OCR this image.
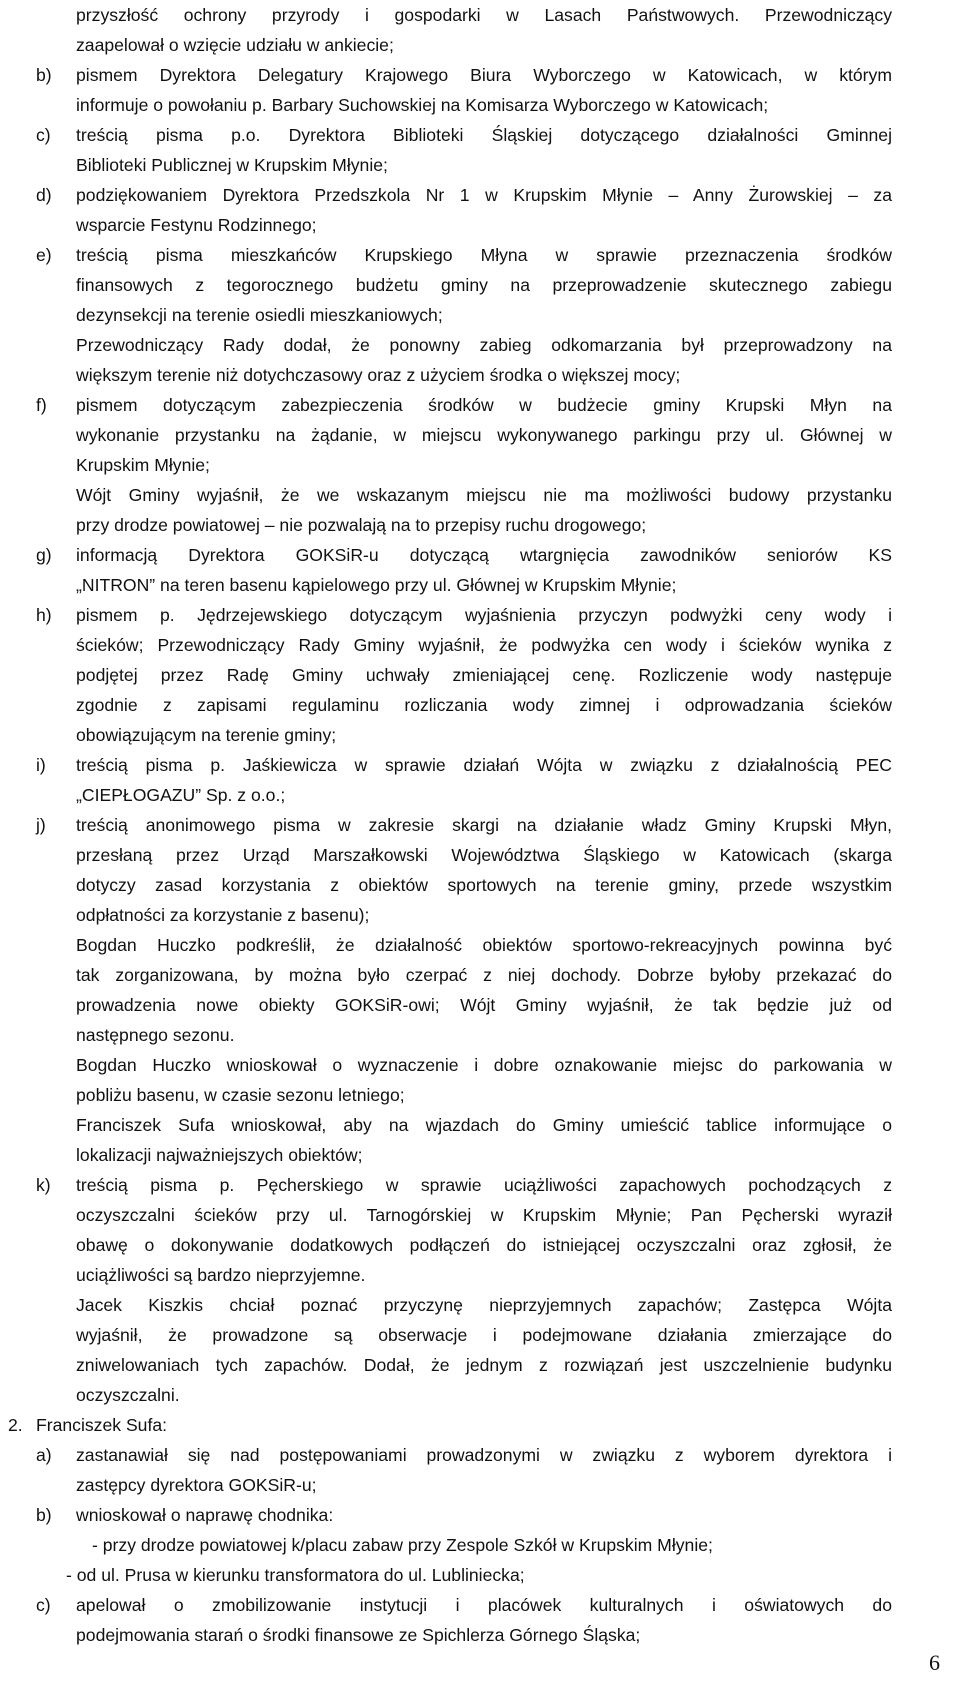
przyszłość ochrony przyrody i gospodarki w Lasach Państwowych. Przewodniczący
zaapelował o wzięcie udziału w ankiecie;
b) pismem Dyrektora Delegatury Krajowego Biura Wyborczego w Katowicach, w którym
informuje o powołaniu p. Barbary Suchowskiej na Komisarza Wyborczego w Katowicach;
c) treścią pisma p.o. Dyrektora Biblioteki Śląskiej dotyczącego działalności Gminnej
Biblioteki Publicznej w Krupskim Młynie;
d) podziękowaniem Dyrektora Przedszkola Nr 1 w Krupskim Młynie – Anny Żurowskiej – za
wsparcie Festynu Rodzinnego;
e) treścią pisma mieszkańców Krupskiego Młyna w sprawie przeznaczenia środków
finansowych z tegorocznego budżetu gminy na przeprowadzenie skutecznego zabiegu
dezynsekcji na terenie osiedli mieszkaniowych;
Przewodniczący Rady dodał, że ponowny zabieg odkomarzania był przeprowadzony na
większym terenie niż dotychczasowy oraz z użyciem środka o większej mocy;
f) pismem dotyczącym zabezpieczenia środków w budżecie gminy Krupski Młyn na
wykonanie przystanku na żądanie, w miejscu wykonywanego parkingu przy ul. Głównej w
Krupskim Młynie;
Wójt Gminy wyjaśnił, że we wskazanym miejscu nie ma możliwości budowy przystanku
przy drodze powiatowej – nie pozwalają na to przepisy ruchu drogowego;
g) informacją Dyrektora GOKSiR-u dotyczącą wtargnięcia zawodników seniorów KS
„NITRON” na teren basenu kąpielowego przy ul. Głównej w Krupskim Młynie;
h) pismem p. Jędrzejewskiego dotyczącym wyjaśnienia przyczyn podwyżki ceny wody i
ścieków; Przewodniczący Rady Gminy wyjaśnił, że podwyżka cen wody i ścieków wynika z
podjętej przez Radę Gminy uchwały zmieniającej cenę. Rozliczenie wody następuje
zgodnie z zapisami regulaminu rozliczania wody zimnej i odprowadzania ścieków
obowiązującym na terenie gminy;
i) treścią pisma p. Jaśkiewicza w sprawie działań Wójta w związku z działalnością PEC
„CIEPŁOGAZU” Sp. z o.o.;
j) treścią anonimowego pisma w zakresie skargi na działanie władz Gminy Krupski Młyn,
przesłaną przez Urząd Marszałkowski Województwa Śląskiego w Katowicach (skarga
dotyczy zasad korzystania z obiektów sportowych na terenie gminy, przede wszystkim
odpłatności za korzystanie z basenu);
Bogdan Huczko podkreślił, że działalność obiektów sportowo-rekreacyjnych powinna być
tak zorganizowana, by można było czerpać z niej dochody. Dobrze byłoby przekazać do
prowadzenia nowe obiekty GOKSiR-owi; Wójt Gminy wyjaśnił, że tak będzie już od
następnego sezonu.
Bogdan Huczko wnioskował o wyznaczenie i dobre oznakowanie miejsc do parkowania w
pobliżu basenu, w czasie sezonu letniego;
Franciszek Sufa wnioskował, aby na wjazdach do Gminy umieścić tablice informujące o
lokalizacji najważniejszych obiektów;
k) treścią pisma p. Pęcherskiego w sprawie uciążliwości zapachowych pochodzących z
oczyszczalni ścieków przy ul. Tarnogórskiej w Krupskim Młynie; Pan Pęcherski wyraził
obawę o dokonywanie dodatkowych podłączeń do istniejącej oczyszczalni oraz zgłosił, że
uciążliwości są bardzo nieprzyjemne.
Jacek Kiszkis chciał poznać przyczynę nieprzyjemnych zapachów; Zastępca Wójta
wyjaśnił, że prowadzone są obserwacje i podejmowane działania zmierzające do
zniwelowaniach tych zapachów. Dodał, że jednym z rozwiązań jest uszczelnienie budynku
oczyszczalni.
2. Franciszek Sufa:
a) zastanawiał się nad postępowaniami prowadzonymi w związku z wyborem dyrektora i
zastępcy dyrektora GOKSiR-u;
b) wnioskował o naprawę chodnika:
- przy drodze powiatowej k/placu zabaw przy Zespole Szkół w Krupskim Młynie;
- od ul. Prusa w kierunku transformatora do ul. Lubliniecka;
c) apelował o zmobilizowanie instytucji i placówek kulturalnych i oświatowych do
podejmowania starań o środki finansowe ze Spichlerza Górnego Śląska;
6
